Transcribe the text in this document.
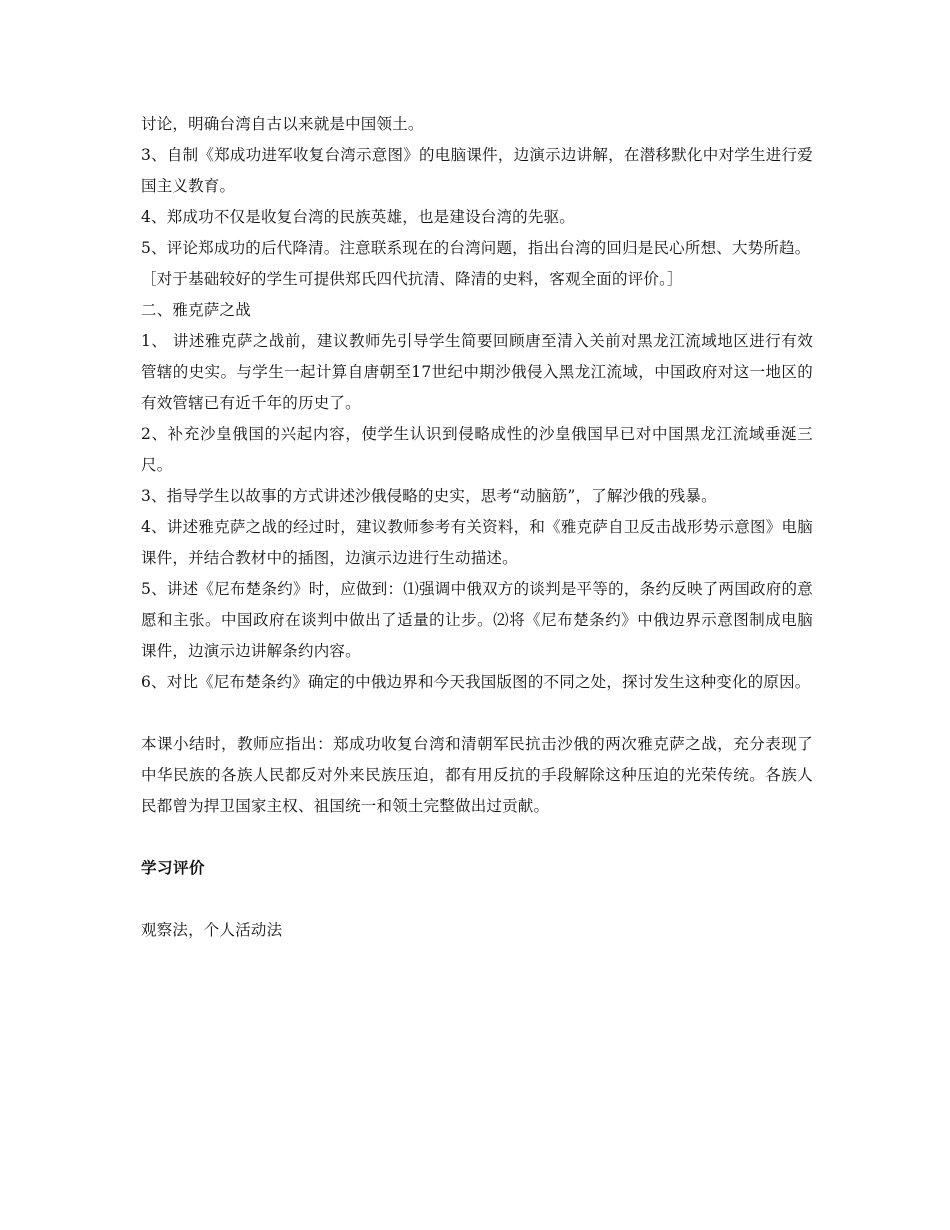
讨论，明确台湾自古以来就是中国领土。

3、自制《郑成功进军收复台湾示意图》的电脑课件，边演示边讲解，在潜移默化中对学生进行爱国主义教育。

4、郑成功不仅是收复台湾的民族英雄，也是建设台湾的先驱。

5、评论郑成功的后代降清。注意联系现在的台湾问题，指出台湾的回归是民心所想、大势所趋。

［对于基础较好的学生可提供郑氏四代抗清、降清的史料，客观全面的评价。］

二、雅克萨之战

1、 讲述雅克萨之战前，建议教师先引导学生简要回顾唐至清入关前对黑龙江流域地区进行有效管辖的史实。与学生一起计算自唐朝至17世纪中期沙俄侵入黑龙江流域，中国政府对这一地区的有效管辖已有近千年的历史了。

2、补充沙皇俄国的兴起内容，使学生认识到侵略成性的沙皇俄国早已对中国黑龙江流域垂涎三尺。

3、指导学生以故事的方式讲述沙俄侵略的史实，思考“动脑筋”，了解沙俄的残暴。

4、讲述雅克萨之战的经过时，建议教师参考有关资料，和《雅克萨自卫反击战形势示意图》电脑课件，并结合教材中的插图，边演示边进行生动描述。

5、讲述《尼布楚条约》时，应做到：⑴强调中俄双方的谈判是平等的，条约反映了两国政府的意愿和主张。中国政府在谈判中做出了适量的让步。⑵将《尼布楚条约》中俄边界示意图制成电脑课件，边演示边讲解条约内容。

6、对比《尼布楚条约》确定的中俄边界和今天我国版图的不同之处，探讨发生这种变化的原因。

本课小结时，教师应指出：郑成功收复台湾和清朝军民抗击沙俄的两次雅克萨之战，充分表现了中华民族的各族人民都反对外来民族压迫，都有用反抗的手段解除这种压迫的光荣传统。各族人民都曾为捍卫国家主权、祖国统一和领土完整做出过贡献。

学习评价

观察法，个人活动法
